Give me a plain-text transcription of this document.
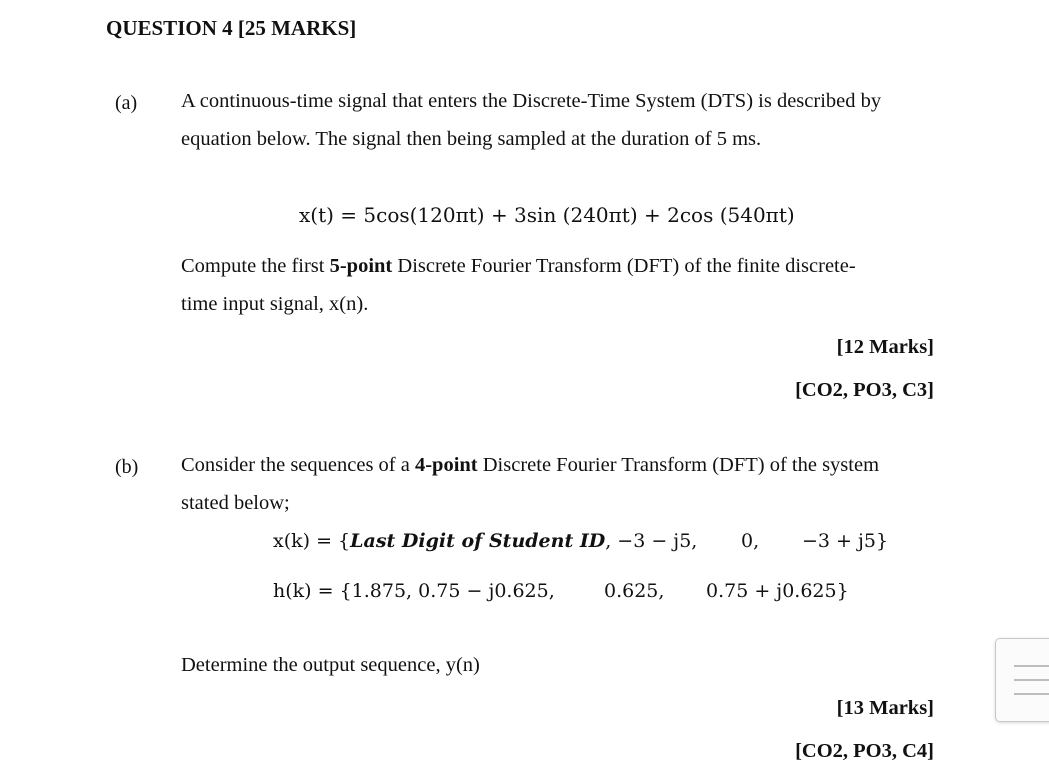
QUESTION 4 [25 MARKS]
(a) A continuous-time signal that enters the Discrete-Time System (DTS) is described by
equation below. The signal then being sampled at the duration of 5 ms.
x(t) = 5cos(120πt) + 3sin (240πt) + 2cos (540πt)
Compute the first 5-point Discrete Fourier Transform (DFT) of the finite discrete-
time input signal, x(n).
[12 Marks]
[CO2, PO3, C3]
(b) Consider the sequences of a 4-point Discrete Fourier Transform (DFT) of the system
stated below;
x(k) = {Last Digit of Student ID, −3 − j5, 0, −3 + j5}
h(k) = {1.875, 0.75 − j0.625,	0.625, 0.75 + j0.625}
Determine the output sequence, y(n)
[13 Marks]
[CO2, PO3, C4]
